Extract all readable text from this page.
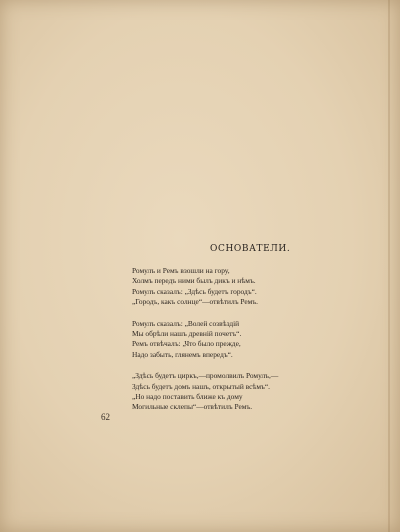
ОСНОВАТЕЛИ.
Ромулъ и Ремъ взошли на гору,
Холмъ передъ ними былъ дикъ и нѣмъ.
Ромулъ сказалъ: „Здѣсь будетъ городъ“.
„Городъ, какъ солнце“—отвѣтилъ Ремъ.
Ромулъ сказалъ: „Волей созвѣздій
Мы обрѣли нашъ древній почетъ“.
Ремъ отвѣчалъ: „Что было прежде,
Надо забыть, глянемъ впередъ“.
„Здѣсь будетъ циркъ,—промолвилъ Ромулъ,—
Здѣсь будетъ домъ нашъ, открытый всѣмъ“.
„Но надо поставить ближе къ дому
Могильные склепы“—отвѣтилъ Ремъ.
62
